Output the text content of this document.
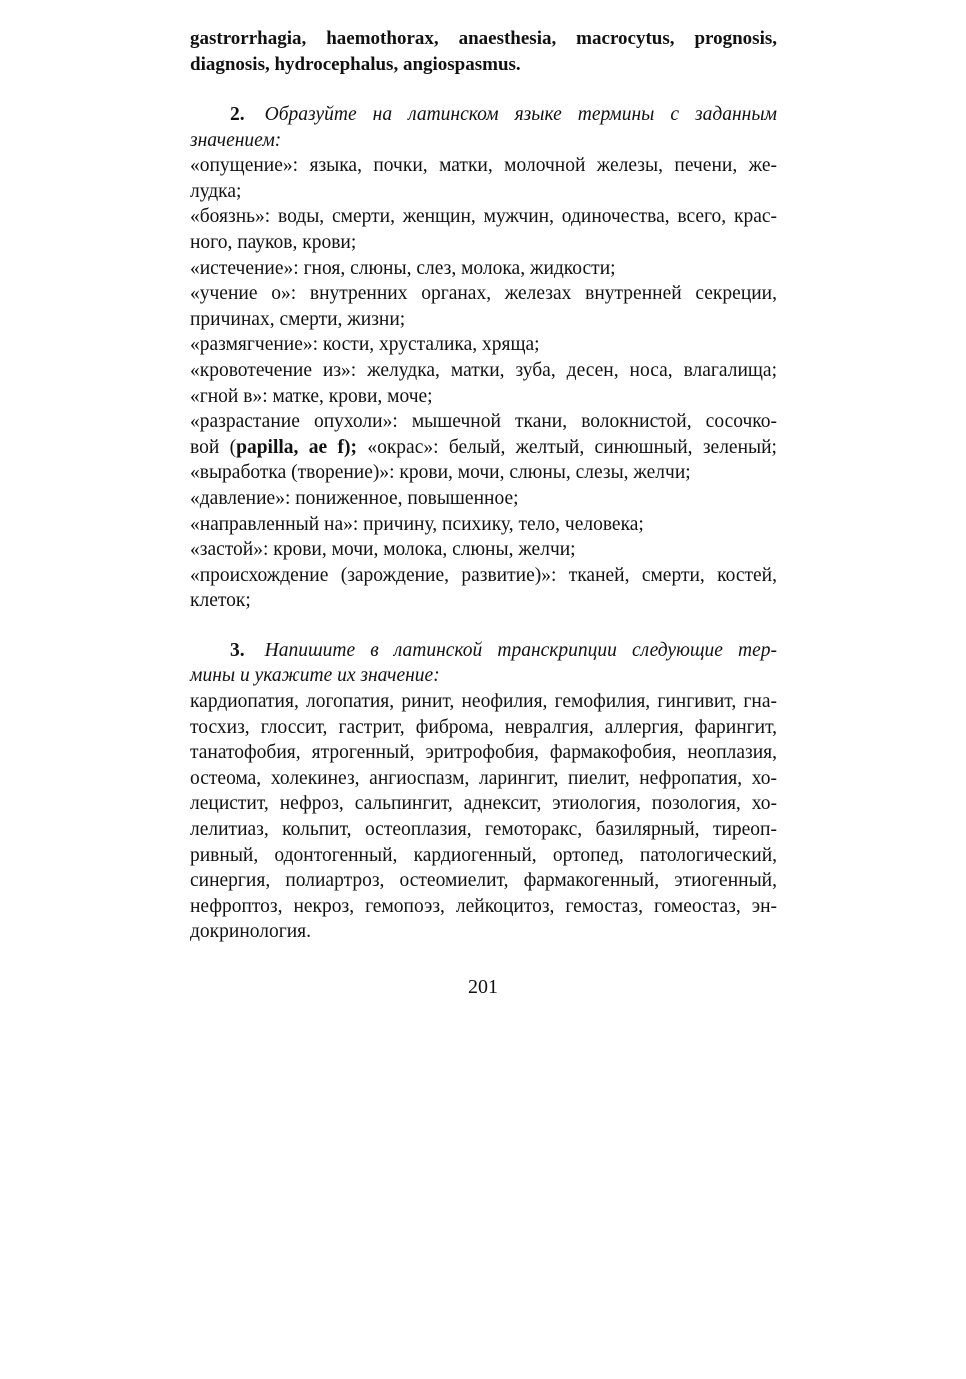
gastrorrhagia, haemothorax, anaesthesia, macrocytus, prognosis,
diagnosis, hydrocephalus, angiospasmus.
2. Образуйте на латинском языке термины с заданным
значением:
«опущение»: языка, почки, матки, молочной железы, печени, же-
лудка;
«боязнь»: воды, смерти, женщин, мужчин, одиночества, всего, крас-
ного, пауков, крови;
«истечение»: гноя, слюны, слез, молока, жидкости;
«учение о»: внутренних органах, железах внутренней секреции,
причинах, смерти, жизни;
«размягчение»: кости, хрусталика, хряща;
«кровотечение из»: желудка, матки, зуба, десен, носа, влагалища;
«гной в»: матке, крови, моче;
«разрастание опухоли»: мышечной ткани, волокнистой, сосочко-
вой (papilla, ae f); «окрас»: белый, желтый, синюшный, зеленый;
«выработка (творение)»: крови, мочи, слюны, слезы, желчи;
«давление»: пониженное, повышенное;
«направленный на»: причину, психику, тело, человека;
«застой»: крови, мочи, молока, слюны, желчи;
«происхождение (зарождение, развитие)»: тканей, смерти, костей,
клеток;
3. Напишите в латинской транскрипции следующие тер-
мины и укажите их значение:
кардиопатия, логопатия, ринит, неофилия, гемофилия, гингивит, гна-
тосхиз, глоссит, гастрит, фиброма, невралгия, аллергия, фарингит,
танатофобия, ятрогенный, эритрофобия, фармакофобия, неоплазия,
остеома, холекинез, ангиоспазм, ларингит, пиелит, нефропатия, хо-
лецистит, нефроз, сальпингит, аднексит, этиология, позология, хо-
лелитиаз, кольпит, остеоплазия, гемоторакс, базилярный, тиреоп-
ривный, одонтогенный, кардиогенный, ортопед, патологический,
синергия, полиартроз, остеомиелит, фармакогенный, этиогенный,
нефроптоз, некроз, гемопоэз, лейкоцитоз, гемостаз, гомеостаз, эн-
докринология.
201
